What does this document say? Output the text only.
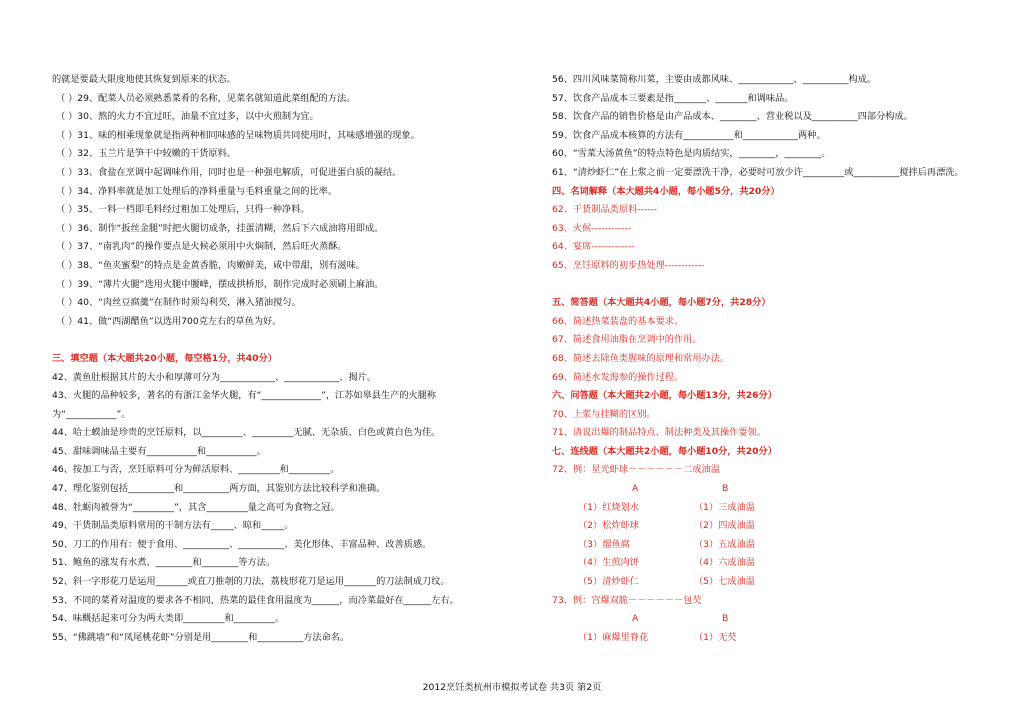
的就是要最大限度地使其恢复到原来的状态。
（ ）29、配菜人员必须熟悉菜肴的名称，见菜名就知道此菜组配的方法。
（ ）30、熬的火力不宜过旺，油量不宜过多，以中火煎制为宜。
（ ）31、味的相乘现象就是指两种相同味感的呈味物质共同使用时，其味感增强的现象。
（ ）32、玉兰片是笋干中较嫩的干货原料。
（ ）33、食盐在烹调中起调味作用，同时也是一种强电解质，可促进蛋白质的凝结。
（ ）34、净料率就是加工处理后的净料重量与毛料重量之间的比率。
（ ）35、一料一档即毛料经过粗加工处理后，只得一种净料。
（ ）36、制作“扳丝金腿”时把火腿切成条，挂蛋清糊，然后下六成油将用即成。
（ ）37、“南乳肉”的操作要点是火候必须用中火焖制，然后旺火蒸酥。
（ ）38、“鱼夹蜜梨”的特点是金黄香脆，肉嫩鲜美，咸中带甜，别有滋味。
（ ）39、“薄片火腿”选用火腿中腰峰，摆成拱桥形，制作完成时必须刷上麻油。
（ ）40、“肉丝豆腐羹”在制作时须勾利芡，淋入猪油搅匀。
（ ）41、做“西湖醋鱼”以选用700克左右的草鱼为好。
三、填空题（本大题共20小题，每空格1分，共40分）
42、黄鱼肚根据其片的大小和厚薄可分为____________、____________、揭片。
43、火腿的品种较多，著名的有浙江金华火腿，有“_____________”，江苏如皋县生产的火腿称
为“___________”。
44、哈士蟆油是珍贵的烹饪原料，以_________、_________无腻、无杂质、白色或黄白色为佳。
45、甜味调味品主要有___________和___________。
46、按加工与否，烹饪原料可分为鲜活原料、_________和_________。
47、理化鉴别包括__________和__________两方面，其鉴别方法比较科学和准确。
48、牡蛎肉被誉为“_________”，其含_________量之高可为食物之冠。
49、干货制品类原料常用的干制方法有_____、晾和_____。
50、刀工的作用有：便于食用、__________、__________、美化形体、丰富品种、改善质感。
51、鲍鱼的涨发有水煮、________和________等方法。
52、斜一字形花刀是运用_______或直刀推剞的刀法，荔枝形花刀是运用_______的刀法制成刀纹。
53、不同的菜肴对温度的要求各不相同，热菜的最佳食用温度为______，而冷菜最好在______左右。
54、味概括起来可分为两大类即_________和_________。
55、“佛跳墙”和“凤尾桃花虾”分别是用________和__________方法命名。
56、四川风味菜简称川菜，主要由成都风味、____________、__________构成。
57、饮食产品成本三要素是指_______、_______和调味品。
58、饮食产品的销售价格是由产品成本、________、营业税以及__________四部分构成。
59、饮食产品成本核算的方法有___________和____________两种。
60、“雪菜大汤黄鱼”的特点特色是肉质结实，________，________。
61、“清炒虾仁”在上浆之前一定要漂洗干净，必要时可放少许_________或__________搅拌后再漂洗。
四、名词解释（本大题共4小题，每小题5分，共20分）
62、干货制品类原料------
63、火候------------
64、宴席-------------
65、烹饪原料的初步热处理------------
五、简答题（本大题共4小题，每小题7分，共28分）
66、简述热菜装盘的基本要求。
67、简述食用油脂在烹调中的作用。
68、简述去除鱼类腥味的原理和常用办法。
69、简述水发海参的操作过程。
六、问答题（本大题共2小题，每小题13分，共26分）
70、上浆与挂糊的区别。
71、请说出爆的制品特点、制法种类及其操作要领。
七、连线题（本大题共2小题，每小题10分，共20分）
72、例：星光虾球－－－－－－二成油温
A	B
（1）红烧划水	（1）三成油温
（2）松炸虾球	（2）四成油温
（3）熘鱼腐	（3）五成油温
（4）生煎肉饼	（4）六成油温
（5）清炒虾仁	（5）七成油温
73、例：宫爆双脆－－－－－－包芡
A	B
（1）麻爆里脊花	（1）无芡
2012烹饪类杭州市模拟考试卷 共3页 第2页
